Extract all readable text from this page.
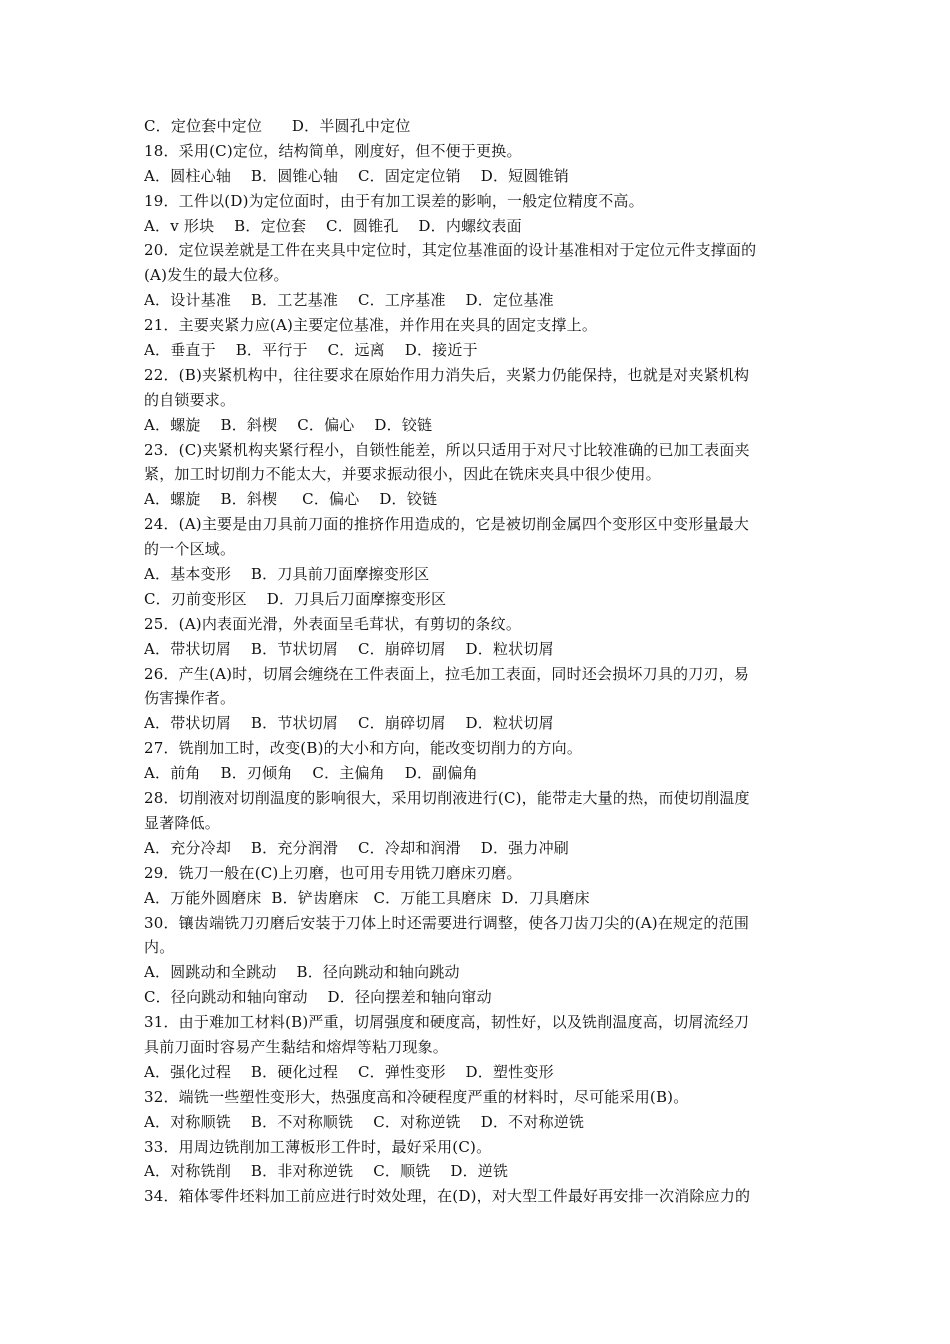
C．定位套中定位      D．半圆孔中定位
18．采用(C)定位，结构简单，刚度好，但不便于更换。
A．圆柱心轴    B．圆锥心轴    C．固定定位销    D．短圆锥销
19．工件以(D)为定位面时，由于有加工误差的影响，一般定位精度不高。
A．v 形块    B．定位套    C．圆锥孔    D．内螺纹表面
20．定位误差就是工件在夹具中定位时，其定位基准面的设计基准相对于定位元件支撑面的
(A)发生的最大位移。
A．设计基准    B．工艺基准    C．工序基准    D．定位基准
21．主要夹紧力应(A)主要定位基准，并作用在夹具的固定支撑上。
A．垂直于    B．平行于    C．远离    D．接近于
22．(B)夹紧机构中，往往要求在原始作用力消失后，夹紧力仍能保持，也就是对夹紧机构
的自锁要求。
A．螺旋    B．斜楔    C．偏心    D．铰链
23．(C)夹紧机构夹紧行程小，自锁性能差，所以只适用于对尺寸比较准确的已加工表面夹
紧，加工时切削力不能太大，并要求振动很小，因此在铣床夹具中很少使用。
A．螺旋    B．斜楔     C．偏心    D．铰链
24．(A)主要是由刀具前刀面的推挤作用造成的，它是被切削金属四个变形区中变形量最大
的一个区域。
A．基本变形    B．刀具前刀面摩擦变形区
C．刃前变形区    D．刀具后刀面摩擦变形区
25．(A)内表面光滑，外表面呈毛茸状，有剪切的条纹。
A．带状切屑    B．节状切屑    C．崩碎切屑    D．粒状切屑
26．产生(A)时，切屑会缠绕在工件表面上，拉毛加工表面，同时还会损坏刀具的刀刃，易
伤害操作者。
A．带状切屑    B．节状切屑    C．崩碎切屑    D．粒状切屑
27．铣削加工时，改变(B)的大小和方向，能改变切削力的方向。
A．前角    B．刃倾角    C．主偏角    D．副偏角
28．切削液对切削温度的影响很大，采用切削液进行(C)，能带走大量的热，而使切削温度
显著降低。
A．充分冷却    B．充分润滑    C．冷却和润滑    D．强力冲刷
29．铣刀一般在(C)上刃磨，也可用专用铣刀磨床刃磨。
A．万能外圆磨床  B．铲齿磨床   C．万能工具磨床  D．刀具磨床
30．镶齿端铣刀刃磨后安装于刀体上时还需要进行调整，使各刀齿刀尖的(A)在规定的范围
内。
A．圆跳动和全跳动    B．径向跳动和轴向跳动
C．径向跳动和轴向窜动    D．径向摆差和轴向窜动
31．由于难加工材料(B)严重，切屑强度和硬度高，韧性好，以及铣削温度高，切屑流经刀
具前刀面时容易产生黏结和熔焊等粘刀现象。
A．强化过程    B．硬化过程    C．弹性变形    D．塑性变形
32．端铣一些塑性变形大，热强度高和冷硬程度严重的材料时，尽可能采用(B)。
A．对称顺铣    B．不对称顺铣    C．对称逆铣    D．不对称逆铣
33．用周边铣削加工薄板形工件时，最好采用(C)。
A．对称铣削    B．非对称逆铣    C．顺铣    D．逆铣
34．箱体零件坯料加工前应进行时效处理，在(D)，对大型工件最好再安排一次消除应力的
